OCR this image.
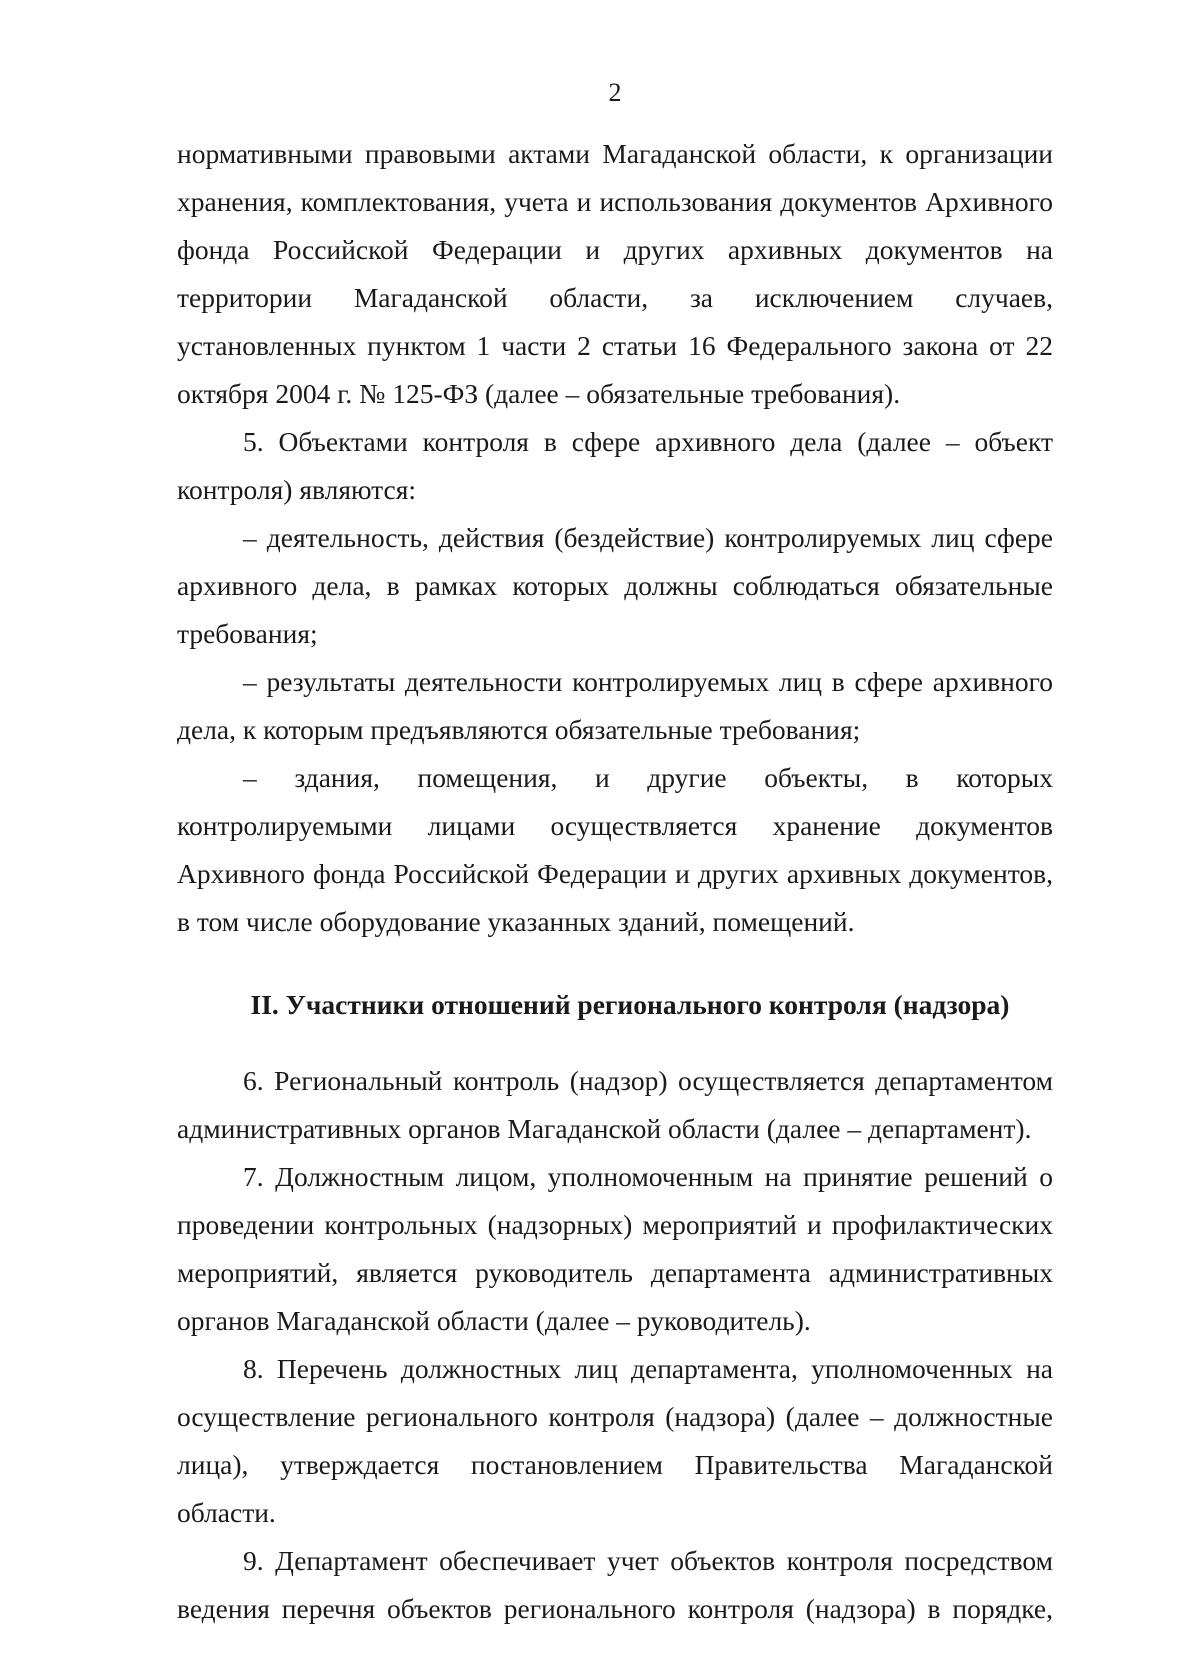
2

нормативными правовыми актами Магаданской области, к организации хранения, комплектования, учета и использования документов Архивного фонда Российской Федерации и других архивных документов на территории Магаданской области, за исключением случаев, установленных пунктом 1 части 2 статьи 16 Федерального закона от 22 октября 2004 г. № 125-ФЗ (далее – обязательные требования).

5. Объектами контроля в сфере архивного дела (далее – объект контроля) являются:

– деятельность, действия (бездействие) контролируемых лиц сфере архивного дела, в рамках которых должны соблюдаться обязательные требования;

– результаты деятельности контролируемых лиц в сфере архивного дела, к которым предъявляются обязательные требования;

– здания, помещения, и другие объекты, в которых контролируемыми лицами осуществляется хранение документов Архивного фонда Российской Федерации и других архивных документов, в том числе оборудование указанных зданий, помещений.

II. Участники отношений регионального контроля (надзора)

6. Региональный контроль (надзор) осуществляется департаментом административных органов Магаданской области (далее – департамент).

7. Должностным лицом, уполномоченным на принятие решений о проведении контрольных (надзорных) мероприятий и профилактических мероприятий, является руководитель департамента административных органов Магаданской области (далее – руководитель).

8. Перечень должностных лиц департамента, уполномоченных на осуществление регионального контроля (надзора) (далее – должностные лица), утверждается постановлением Правительства Магаданской области.

9. Департамент обеспечивает учет объектов контроля посредством ведения перечня объектов регионального контроля (надзора) в порядке,
